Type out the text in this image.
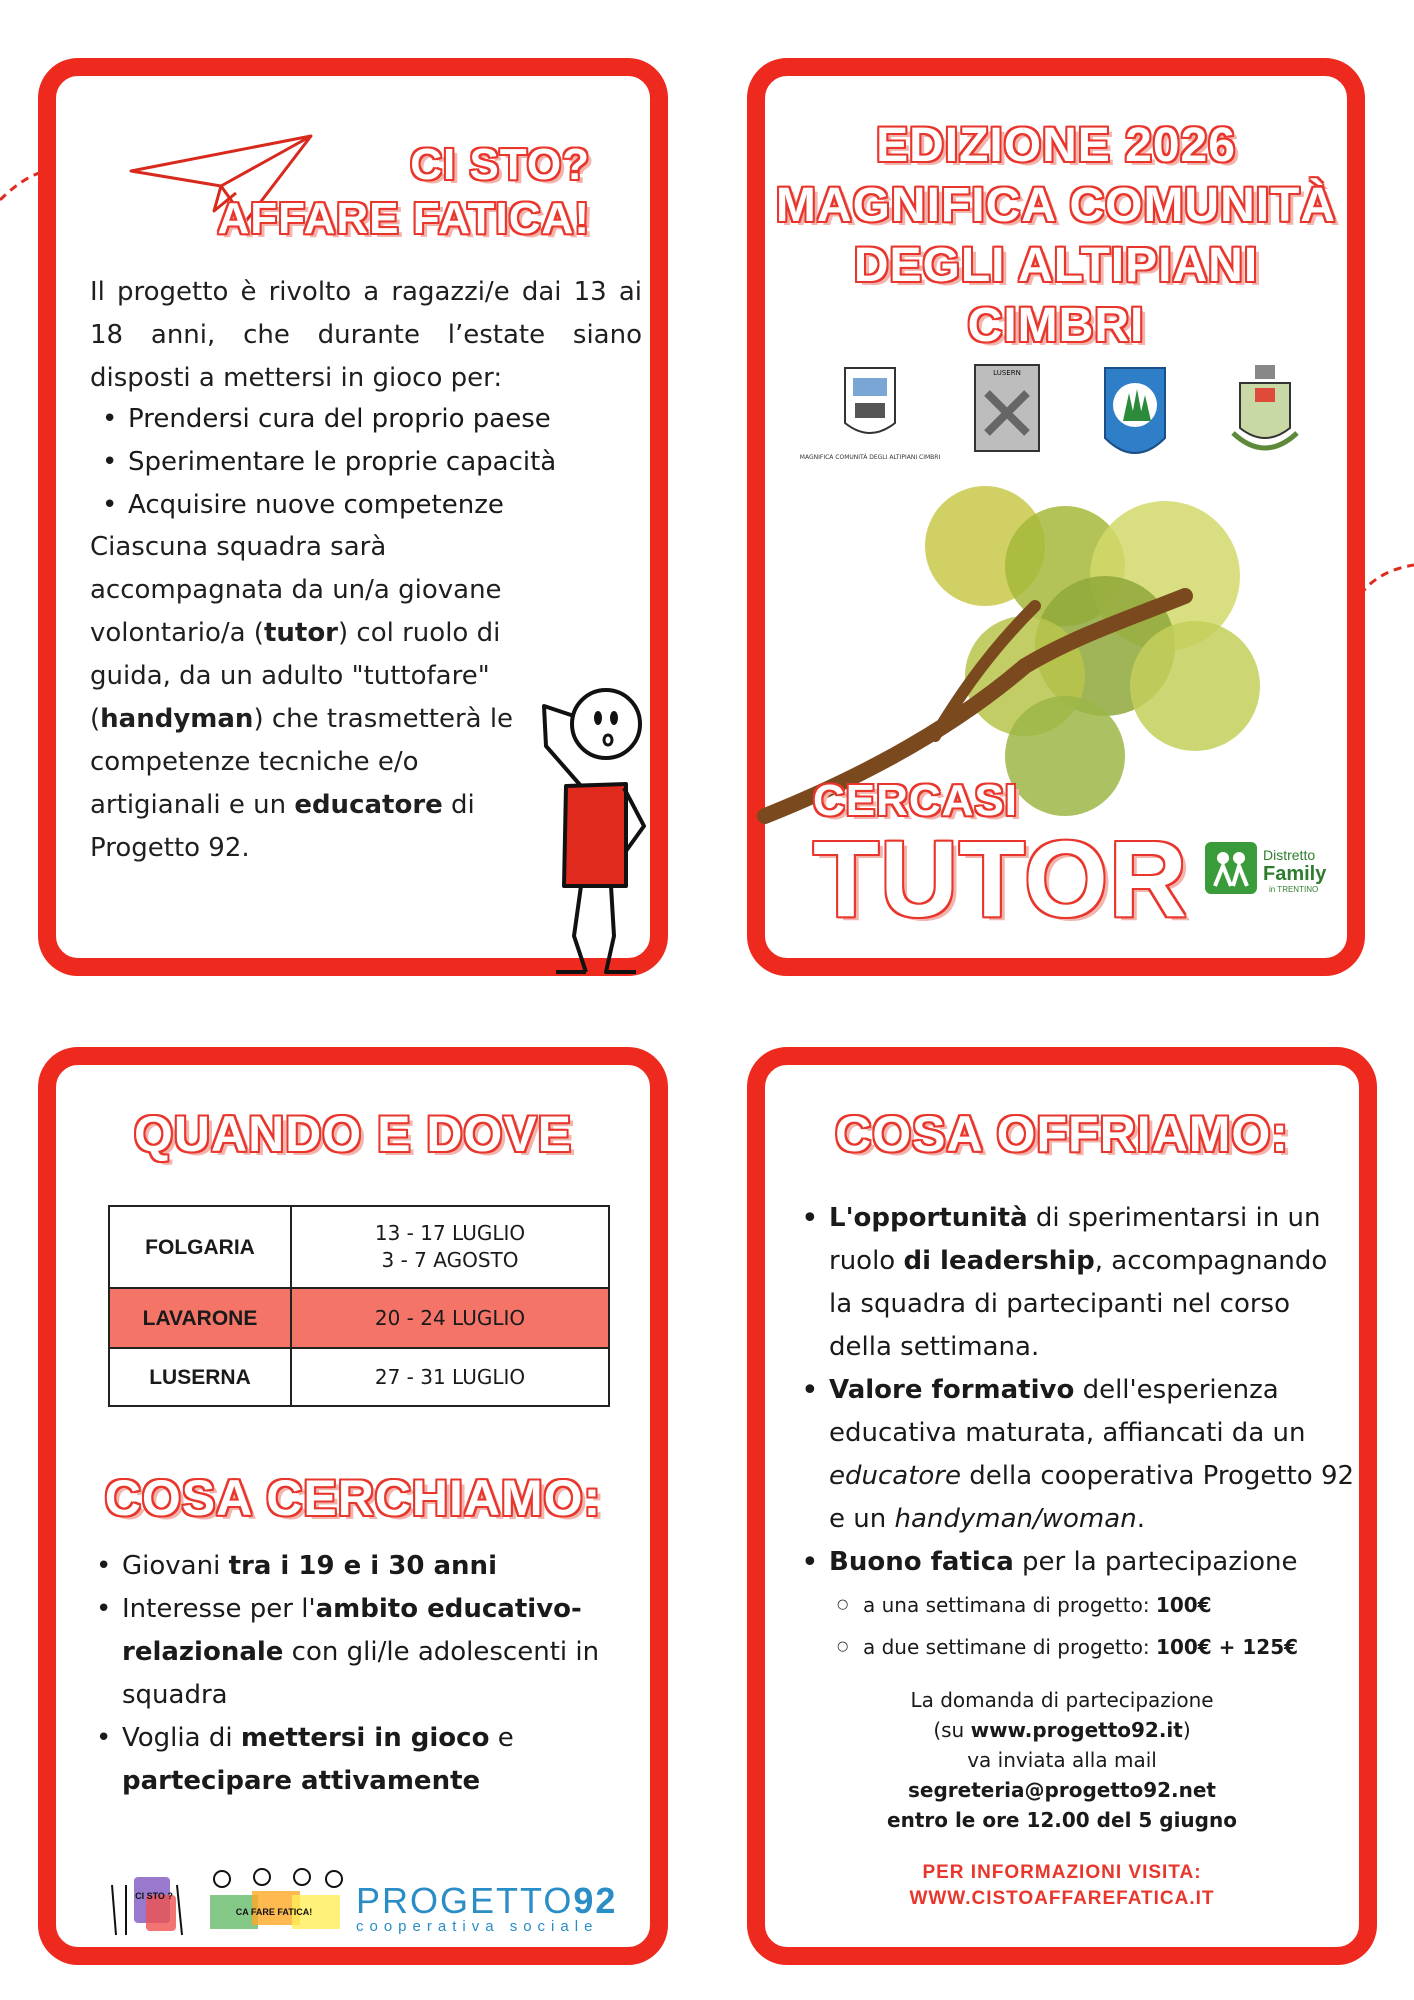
CI STO?
AFFARE FATICA!
Il progetto è rivolto a ragazzi/e dai 13 ai 18 anni, che durante l’estate siano disposti a mettersi in gioco per:
• Prendersi cura del proprio paese
• Sperimentare le proprie capacità
• Acquisire nuove competenze
Ciascuna squadra sarà accompagnata da un/a giovane volontario/a (tutor) col ruolo di guida, da un adulto "tuttofare" (handyman) che trasmetterà le competenze tecniche e/o artigianali e un educatore di Progetto 92.
EDIZIONE 2026
MAGNIFICA COMUNITÀ
DEGLI ALTIPIANI
CIMBRI
MAGNIFICA COMUNITÀ DEGLI ALTIPIANI CIMBRI
LUSERN
CERCASI
TUTOR	Distretto
Family
in TRENTINO
QUANDO E DOVE
FOLGARIA	13 - 17 LUGLIO
3 - 7 AGOSTO

LAVARONE	20 - 24 LUGLIO
LUSERNA	27 - 31 LUGLIO
COSA CERCHIAMO:
• Giovani tra i 19 e i 30 anni
• Interesse per l'ambito educativo-relazionale con gli/le adolescenti in squadra
• Voglia di mettersi in gioco e partecipare attivamente
CI STO ?
CA FARE FATICA! PROGETTO92
cooperativa sociale
COSA OFFRIAMO:
• L'opportunità di sperimentarsi in un ruolo di leadership, accompagnando la squadra di partecipanti nel corso della settimana.
• Valore formativo dell'esperienza educativa maturata, affiancati da un educatore della cooperativa Progetto 92 e un handyman/woman.
• Buono fatica per la partecipazione
○ a una settimana di progetto: 100€
○ a due settimane di progetto: 100€ + 125€
La domanda di partecipazione
(su www.progetto92.it)
va inviata alla mail
segreteria@progetto92.net
entro le ore 12.00 del 5 giugno
PER INFORMAZIONI VISITA:
WWW.CISTOAFFAREFATICA.IT
